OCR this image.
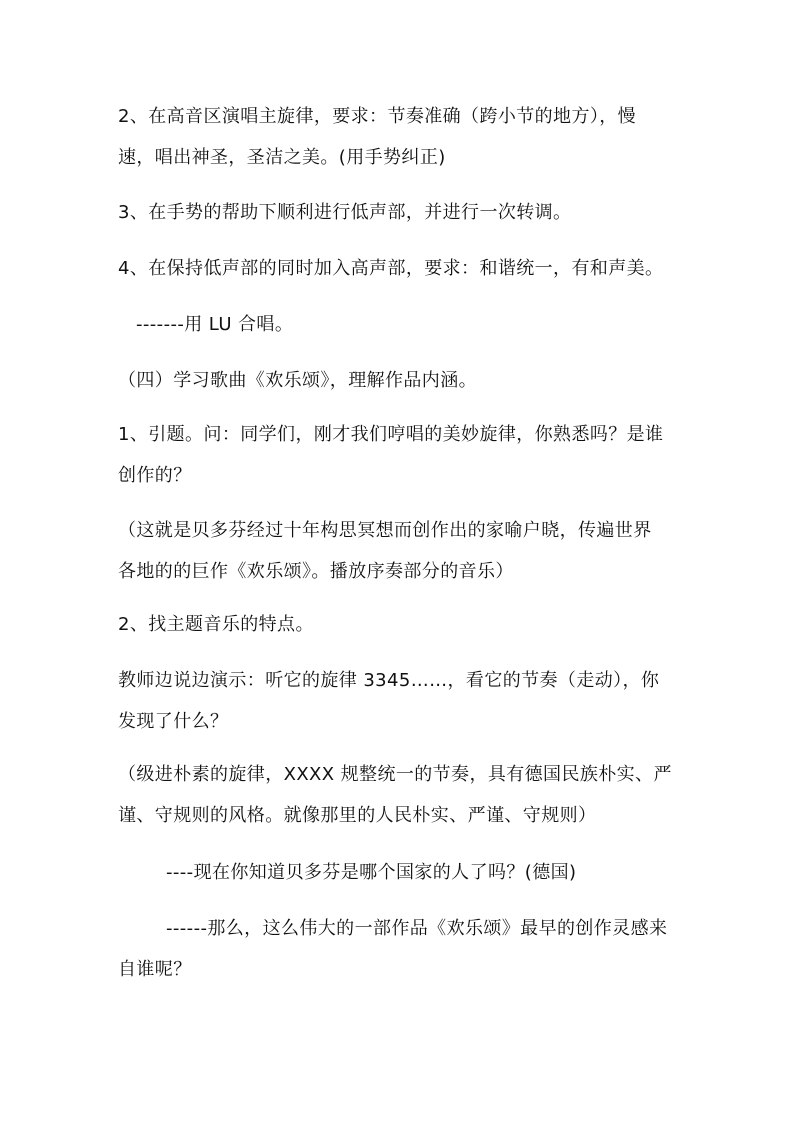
2、在高音区演唱主旋律，要求：节奏准确（跨小节的地方），慢
速，唱出神圣，圣洁之美。(用手势纠正)
3、在手势的帮助下顺利进行低声部，并进行一次转调。
4、在保持低声部的同时加入高声部，要求：和谐统一，有和声美。
-------用 LU 合唱。
（四）学习歌曲《欢乐颂》，理解作品内涵。
1、引题。问：同学们，刚才我们哼唱的美妙旋律，你熟悉吗？是谁
创作的？
（这就是贝多芬经过十年构思冥想而创作出的家喻户晓，传遍世界
各地的的巨作《欢乐颂》。播放序奏部分的音乐）
2、找主题音乐的特点。
教师边说边演示：听它的旋律 3345……，看它的节奏（走动），你
发现了什么？
（级进朴素的旋律，XXXX 规整统一的节奏，具有德国民族朴实、严
谨、守规则的风格。就像那里的人民朴实、严谨、守规则）
----现在你知道贝多芬是哪个国家的人了吗？(德国)
------那么，这么伟大的一部作品《欢乐颂》最早的创作灵感来
自谁呢？
